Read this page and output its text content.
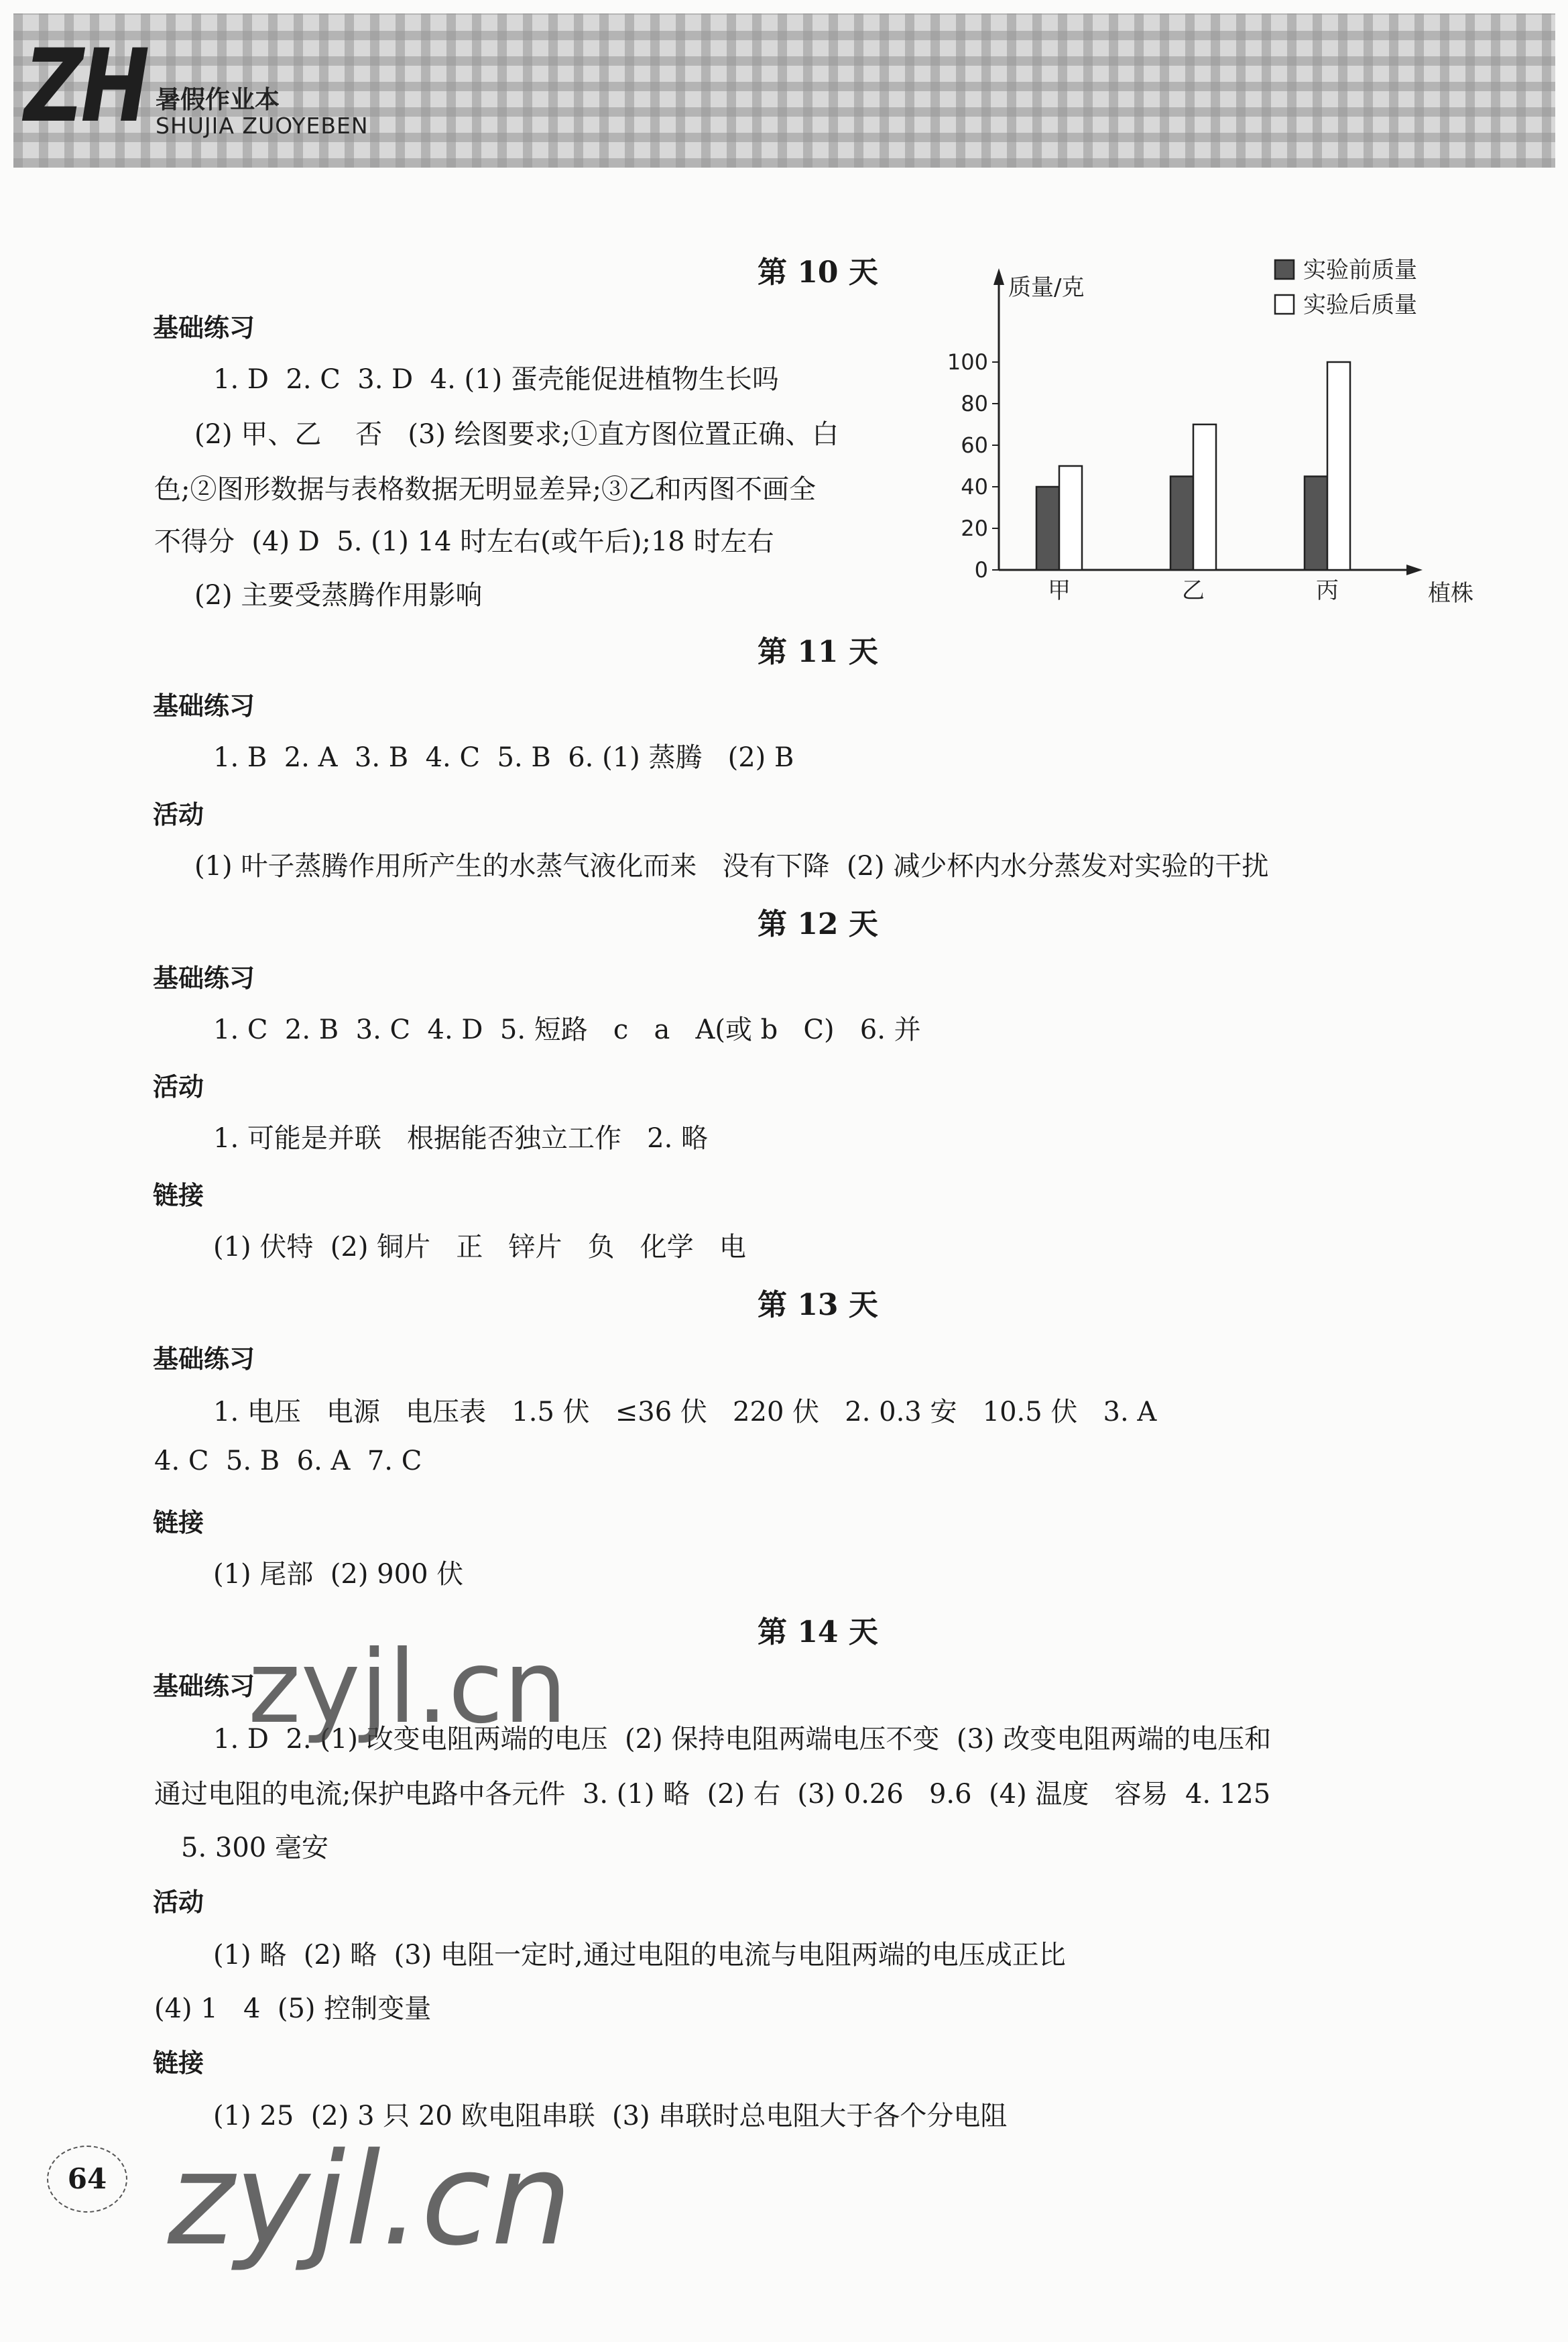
ZH 暑假作业本
SHUJIA ZUOYEBEN
第 10 天
基础练习
1. D  2. C  3. D  4. (1) 蛋壳能促进植物生长吗
(2) 甲、乙    否   (3) 绘图要求;①直方图位置正确、白
色;②图形数据与表格数据无明显差异;③乙和丙图不画全
不得分  (4) D  5. (1) 14 时左右(或午后);18 时左右
(2) 主要受蒸腾作用影响
0
20
40
60
80
100
质量/克
植株
甲	乙	丙
实验前质量
实验后质量
第 11 天
基础练习
1. B  2. A  3. B  4. C  5. B  6. (1) 蒸腾   (2) B
活动
(1) 叶子蒸腾作用所产生的水蒸气液化而来   没有下降  (2) 减少杯内水分蒸发对实验的干扰
第 12 天
基础练习
1. C  2. B  3. C  4. D  5. 短路   c   a   A(或 b   C)   6. 并
活动
1. 可能是并联   根据能否独立工作   2. 略
链接
(1) 伏特  (2) 铜片   正   锌片   负   化学   电
第 13 天
基础练习
1. 电压   电源   电压表   1.5 伏   ≤36 伏   220 伏   2. 0.3 安   10.5 伏   3. A
4. C  5. B  6. A  7. C
链接
(1) 尾部  (2) 900 伏
第 14 天
基础练习
1. D  2. (1) 改变电阻两端的电压  (2) 保持电阻两端电压不变  (3) 改变电阻两端的电压和
通过电阻的电流;保护电路中各元件  3. (1) 略  (2) 右  (3) 0.26   9.6  (4) 温度   容易  4. 125
5. 300 毫安
活动
(1) 略  (2) 略  (3) 电阻一定时,通过电阻的电流与电阻两端的电压成正比
(4) 1   4  (5) 控制变量
链接
(1) 25  (2) 3 只 20 欧电阻串联  (3) 串联时总电阻大于各个分电阻
64
zyjl.cn
zyjl.cn
